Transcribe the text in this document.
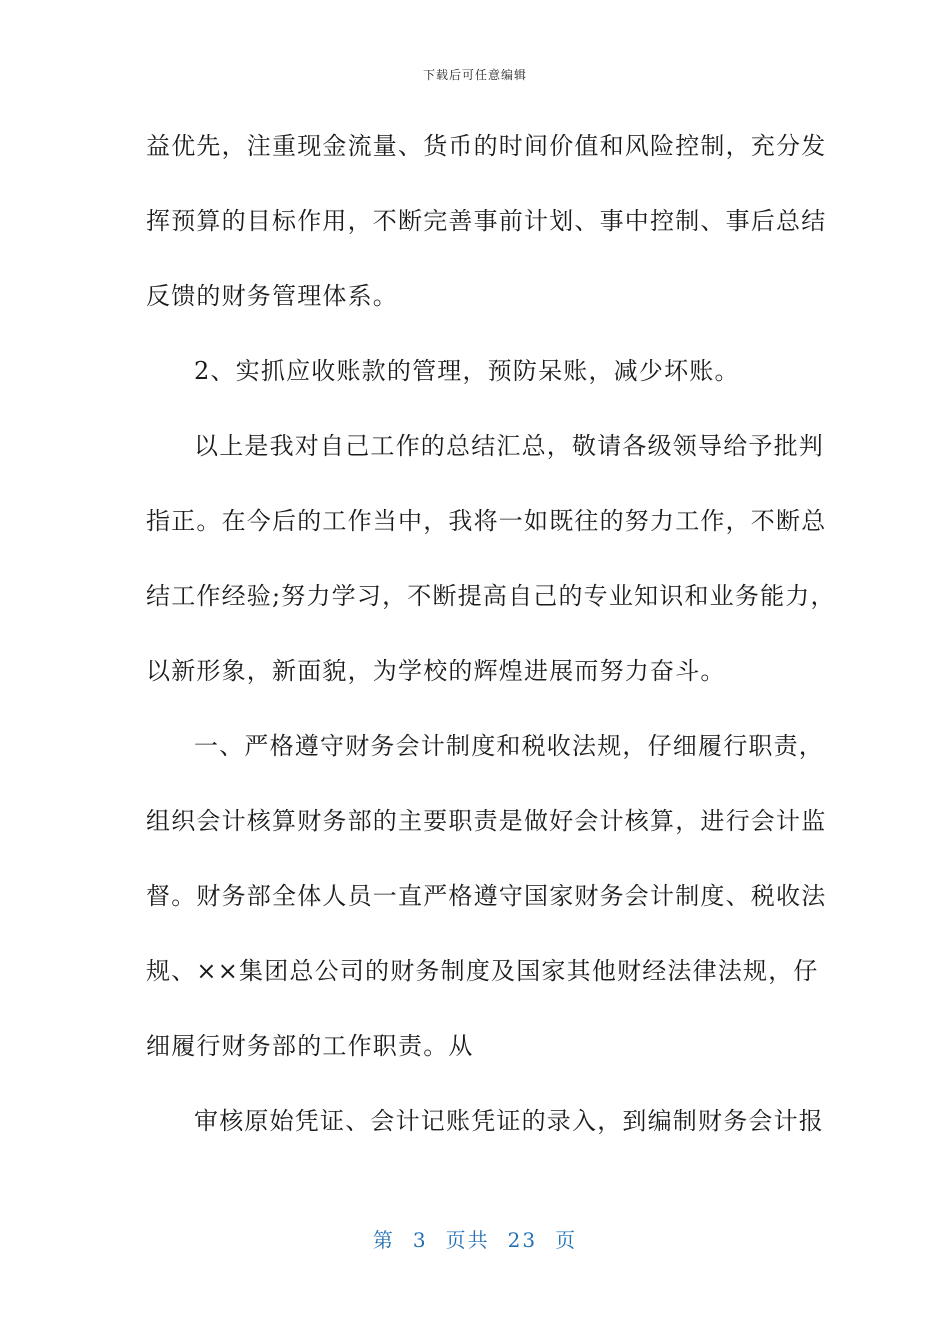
下载后可任意编辑
益优先，注重现金流量、货币的时间价值和风险控制，充分发
挥预算的目标作用，不断完善事前计划、事中控制、事后总结
反馈的财务管理体系。
2、实抓应收账款的管理，预防呆账，减少坏账。
以上是我对自己工作的总结汇总，敬请各级领导给予批判
指正。在今后的工作当中，我将一如既往的努力工作，不断总
结工作经验;努力学习，不断提高自己的专业知识和业务能力，
以新形象，新面貌，为学校的辉煌进展而努力奋斗。
一、严格遵守财务会计制度和税收法规，仔细履行职责，
组织会计核算财务部的主要职责是做好会计核算，进行会计监
督。财务部全体人员一直严格遵守国家财务会计制度、税收法
规、××集团总公司的财务制度及国家其他财经法律法规，仔
细履行财务部的工作职责。从
审核原始凭证、会计记账凭证的录入，到编制财务会计报
第 3 页共 23 页
